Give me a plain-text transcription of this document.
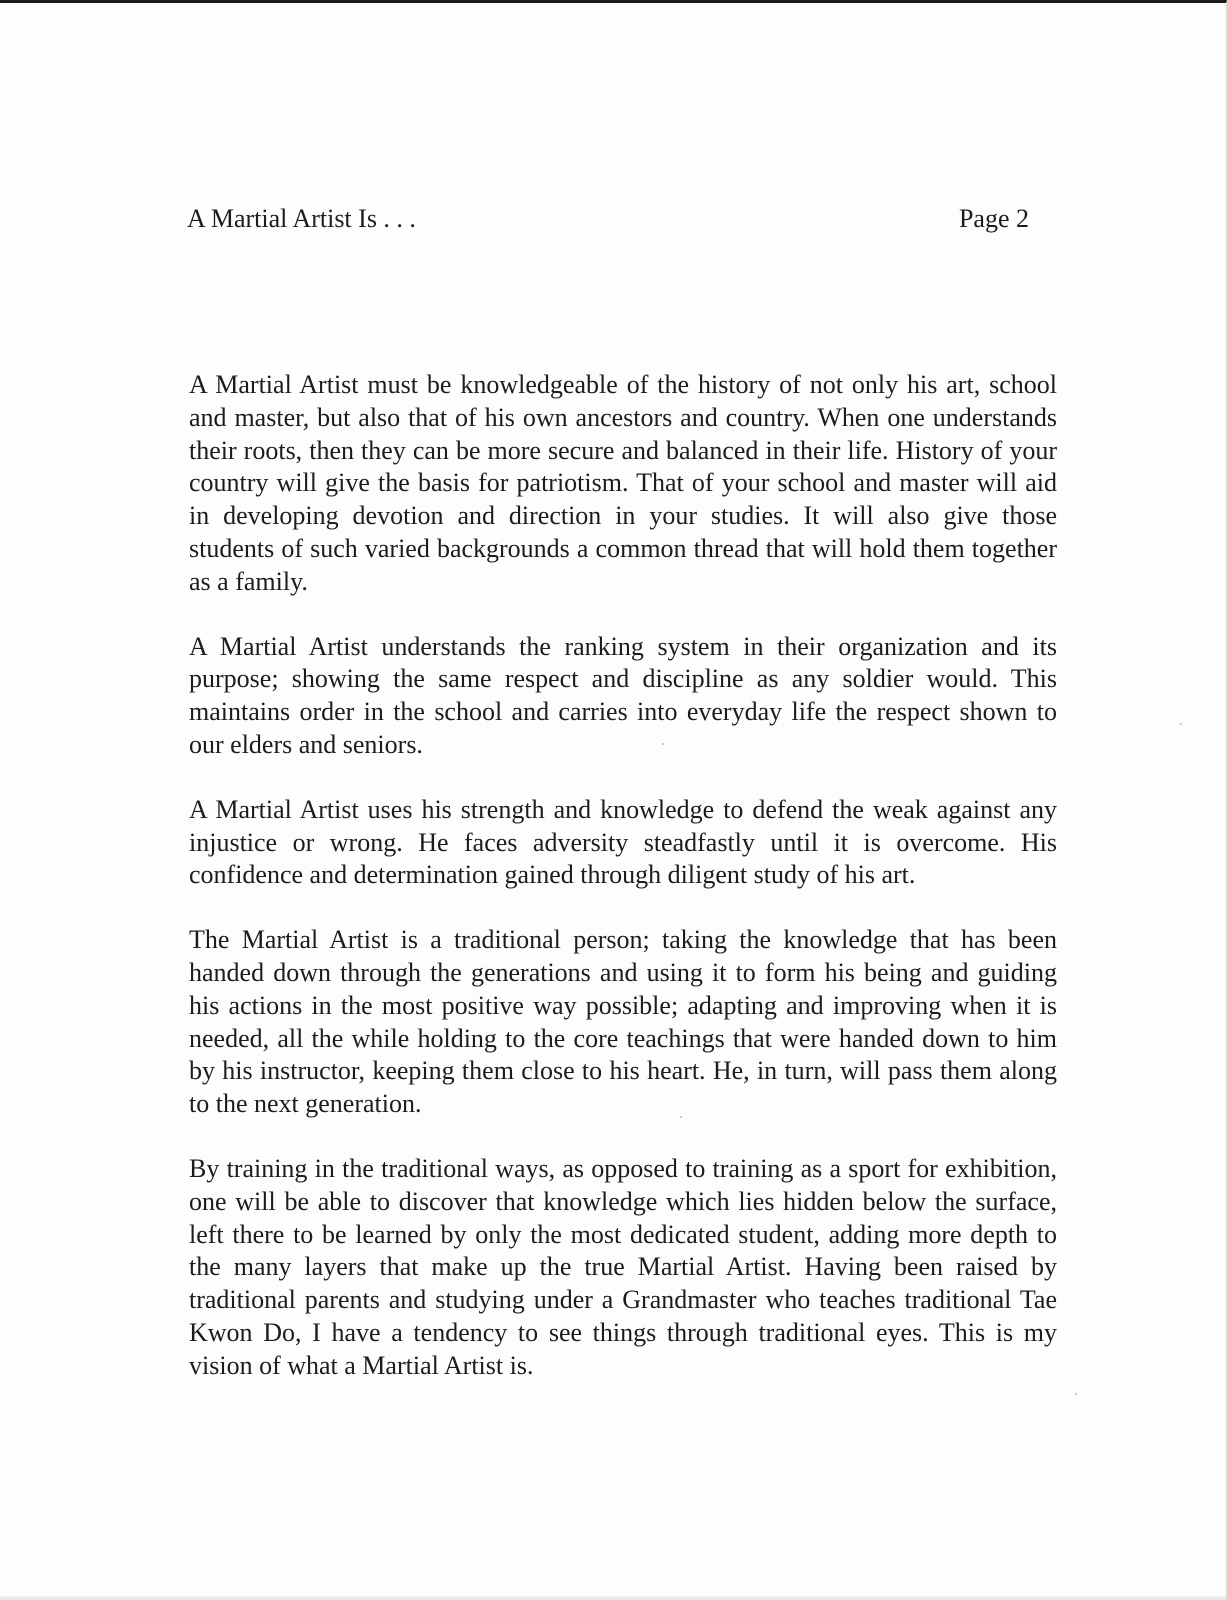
A Martial Artist Is . . .	Page 2

A Martial Artist must be knowledgeable of the history of not only his art, school and master, but also that of his own ancestors and country. When one understands their roots, then they can be more secure and balanced in their life. History of your country will give the basis for patriotism. That of your school and master will aid in developing devotion and direction in your studies. It will also give those students of such varied backgrounds a common thread that will hold them together as a family.

A Martial Artist understands the ranking system in their organization and its purpose; showing the same respect and discipline as any soldier would. This maintains order in the school and carries into everyday life the respect shown to our elders and seniors.

A Martial Artist uses his strength and knowledge to defend the weak against any injustice or wrong. He faces adversity steadfastly until it is overcome. His confidence and determination gained through diligent study of his art.

The Martial Artist is a traditional person; taking the knowledge that has been handed down through the generations and using it to form his being and guiding his actions in the most positive way possible; adapting and improving when it is needed, all the while holding to the core teachings that were handed down to him by his instructor, keeping them close to his heart. He, in turn, will pass them along to the next generation.

By training in the traditional ways, as opposed to training as a sport for exhibition, one will be able to discover that knowledge which lies hidden below the surface, left there to be learned by only the most dedicated student, adding more depth to the many layers that make up the true Martial Artist. Having been raised by traditional parents and studying under a Grandmaster who teaches traditional Tae Kwon Do, I have a tendency to see things through traditional eyes. This is my vision of what a Martial Artist is.
